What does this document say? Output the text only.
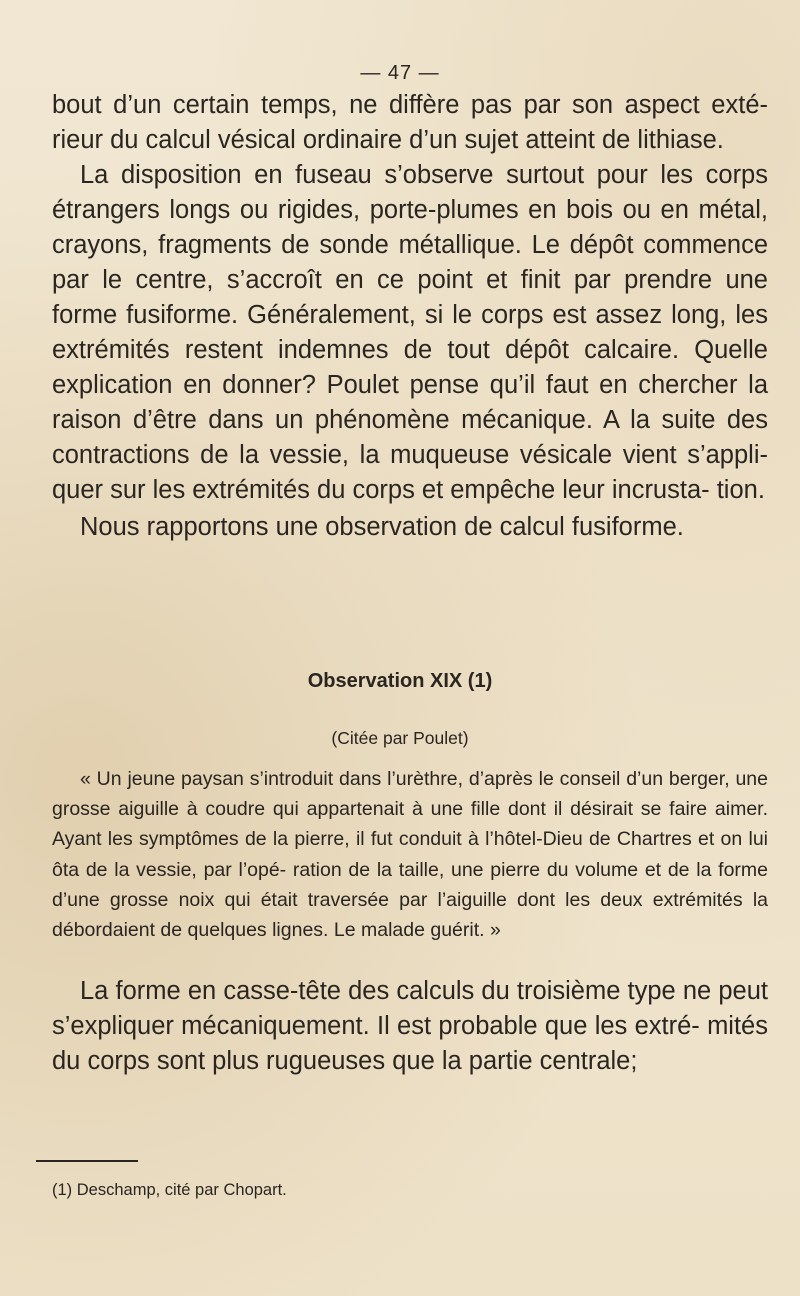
— 47 —

bout d’un certain temps, ne diffère pas par son aspect exté- rieur du calcul vésical ordinaire d’un sujet atteint de lithiase.

La disposition en fuseau s’observe surtout pour les corps étrangers longs ou rigides, porte-plumes en bois ou en métal, crayons, fragments de sonde métallique. Le dépôt commence par le centre, s’accroît en ce point et finit par prendre une forme fusiforme. Généralement, si le corps est assez long, les extrémités restent indemnes de tout dépôt calcaire. Quelle explication en donner? Poulet pense qu’il faut en chercher la raison d’être dans un phénomène mécanique. A la suite des contractions de la vessie, la muqueuse vésicale vient s’appli- quer sur les extrémités du corps et empêche leur incrusta- tion.

Nous rapportons une observation de calcul fusiforme.

Observation XIX (1)
(Citée par Poulet)

« Un jeune paysan s’introduit dans l’urèthre, d’après le conseil d’un berger, une grosse aiguille à coudre qui appartenait à une fille dont il désirait se faire aimer. Ayant les symptômes de la pierre, il fut conduit à l’hôtel-Dieu de Chartres et on lui ôta de la vessie, par l’opé- ration de la taille, une pierre du volume et de la forme d’une grosse noix qui était traversée par l’aiguille dont les deux extrémités la débordaient de quelques lignes. Le malade guérit. »

La forme en casse-tête des calculs du troisième type ne peut s’expliquer mécaniquement. Il est probable que les extré- mités du corps sont plus rugueuses que la partie centrale;

(1) Deschamp, cité par Chopart.
